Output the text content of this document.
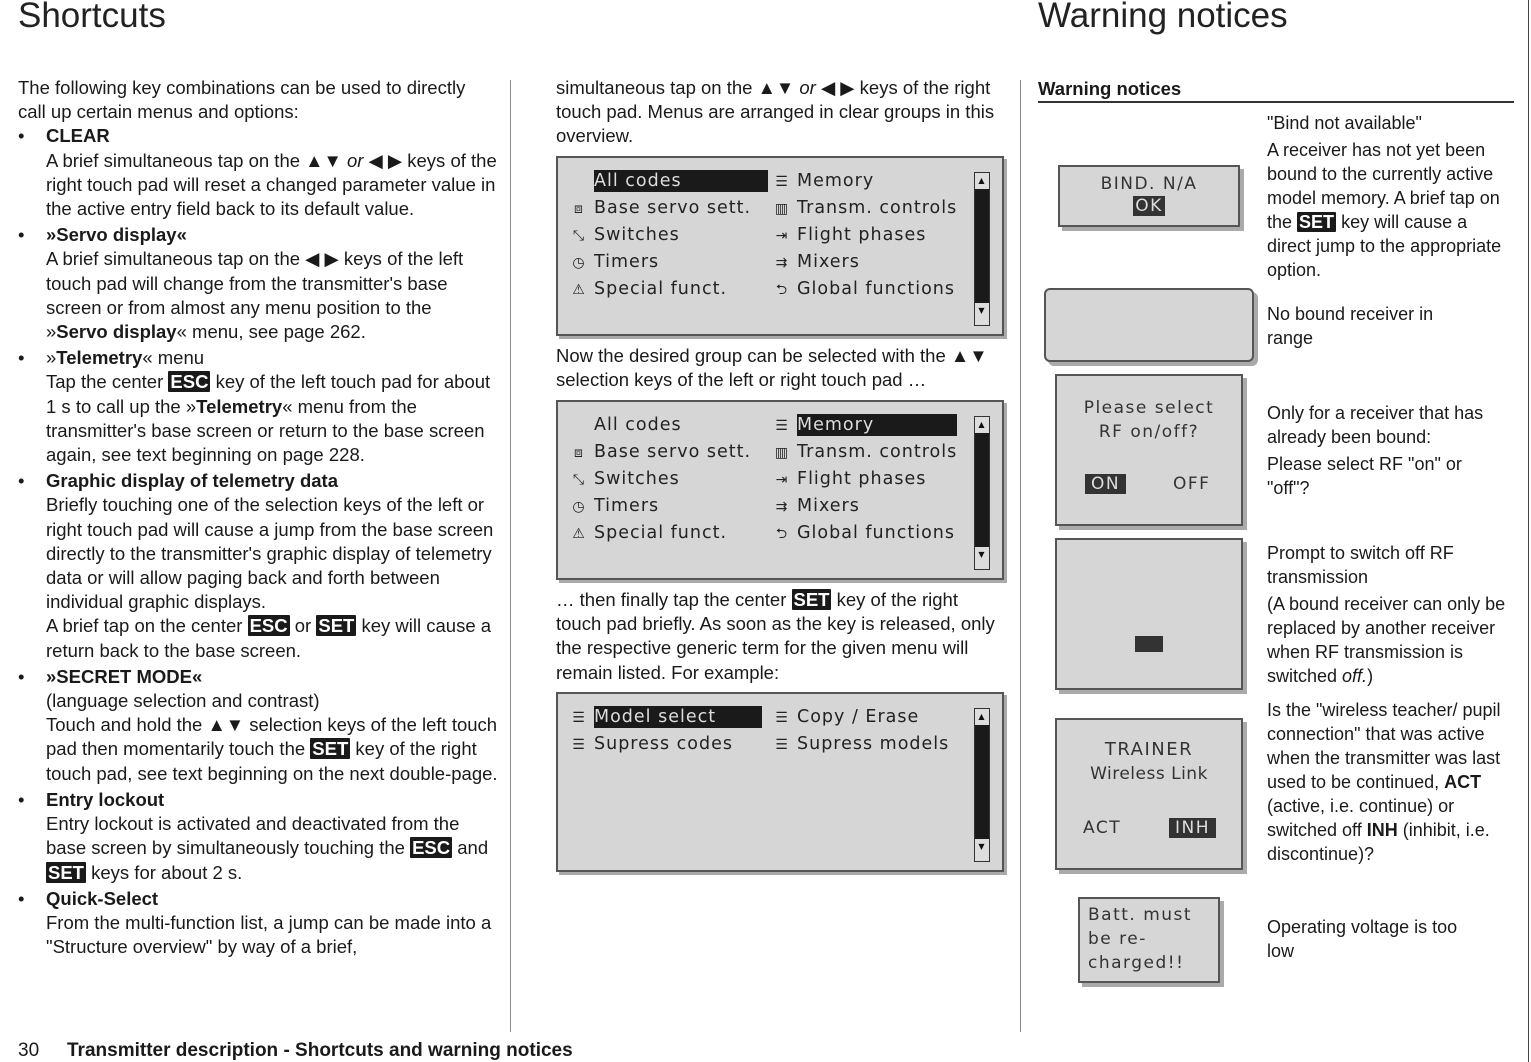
Shortcuts	Warning notices
The following key combinations can be used to directly call up certain menus and options:
• CLEAR
A brief simultaneous tap on the ▲▼ or ◀ ▶ keys of the right touch pad will reset a changed parameter value in the active entry field back to its default value.
• »Servo display«
A brief simultaneous tap on the ◀ ▶ keys of the left touch pad will change from the transmitter's base screen or from almost any menu position to the »Servo display« menu, see page 262.
• »Telemetry« menu
Tap the center ESC key of the left touch pad for about 1 s to call up the »Telemetry« menu from the transmitter's base screen or return to the base screen again, see text beginning on page 228.
• Graphic display of telemetry data
Briefly touching one of the selection keys of the left or right touch pad will cause a jump from the base screen directly to the transmitter's graphic display of telemetry data or will allow paging back and forth between individual graphic displays.
A brief tap on the center ESC or SET key will cause a return back to the base screen.
• »SECRET MODE«
(language selection and contrast)
Touch and hold the ▲▼ selection keys of the left touch pad then momentarily touch the SET key of the right touch pad, see text beginning on the next double-page.
• Entry lockout
Entry lockout is activated and deactivated from the base screen by simultaneously touching the ESC and SET keys for about 2 s.
• Quick-Select
From the multi-function list, a jump can be made into a "Structure overview" by way of a brief,
simultaneous tap on the ▲▼ or ◀ ▶ keys of the right touch pad. Menus are arranged in clear groups in this overview.
All codes
⧈ Base servo sett.
⤡ Switches
◷ Timers
⚠ Special funct.
☰ Memory
▥ Transm. controls
⇥ Flight phases
⇉ Mixers
⮌ Global functions
▲
▼
Now the desired group can be selected with the ▲▼ selection keys of the left or right touch pad …
All codes
⧈ Base servo sett.
⤡ Switches
◷ Timers
⚠ Special funct.
☰ Memory
▥ Transm. controls
⇥ Flight phases
⇉ Mixers
⮌ Global functions
▲
▼
… then finally tap the center SET key of the right touch pad briefly. As soon as the key is released, only the respective generic term for the given menu will remain listed. For example:
☰ Model select
☰ Supress codes
☰ Copy / Erase
☰ Supress models
▲
▼
Warning notices
BIND. N/A
OK
"Bind not available"
A receiver has not yet been bound to the currently active model memory. A brief tap on the SET key will cause a direct jump to the appropriate option.
No bound receiver in range
Please select
RF on/off?
ON	OFF
Only for a receiver that has already been bound:
Please select RF "on" or "off"?
Prompt to switch off RF transmission
(A bound receiver can only be replaced by another receiver when RF transmission is switched off.)
TRAINER
Wireless Link
ACT	INH
Is the "wireless teacher/ pupil connection" that was active when the transmitter was last used to be continued, ACT (active, i.e. continue) or switched off INH (inhibit, i.e. discontinue)?
Batt. must be re-charged!!
Operating voltage is too low
30 Transmitter description - Shortcuts and warning notices
